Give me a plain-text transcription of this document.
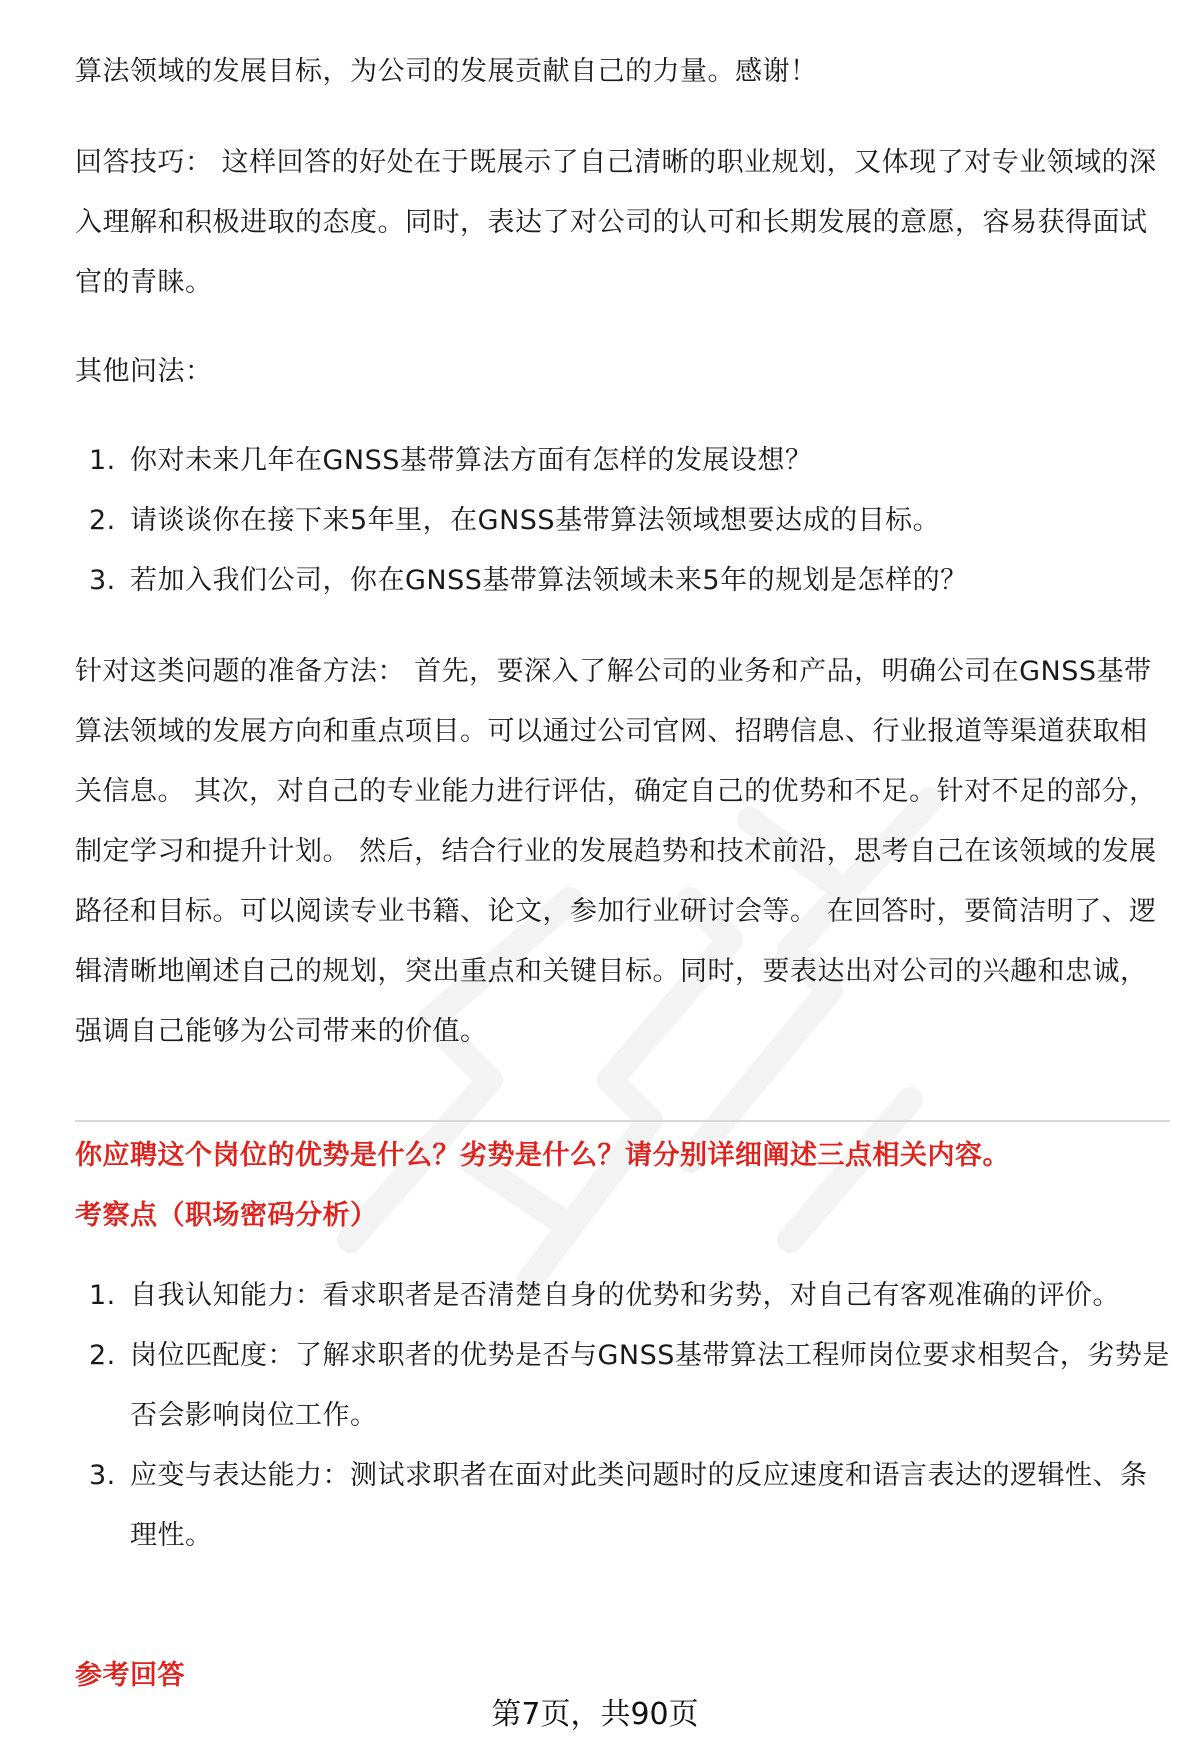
算法领域的发展目标，为公司的发展贡献自己的力量。感谢！

回答技巧： 这样回答的好处在于既展示了自己清晰的职业规划，又体现了对专业领域的深入理解和积极进取的态度。同时，表达了对公司的认可和长期发展的意愿，容易获得面试官的青睐。

其他问法：

1. 你对未来几年在GNSS基带算法方面有怎样的发展设想？
2. 请谈谈你在接下来5年里，在GNSS基带算法领域想要达成的目标。
3. 若加入我们公司，你在GNSS基带算法领域未来5年的规划是怎样的？

针对这类问题的准备方法： 首先，要深入了解公司的业务和产品，明确公司在GNSS基带算法领域的发展方向和重点项目。可以通过公司官网、招聘信息、行业报道等渠道获取相关信息。 其次，对自己的专业能力进行评估，确定自己的优势和不足。针对不足的部分，制定学习和提升计划。 然后，结合行业的发展趋势和技术前沿，思考自己在该领域的发展路径和目标。可以阅读专业书籍、论文，参加行业研讨会等。 在回答时，要简洁明了、逻辑清晰地阐述自己的规划，突出重点和关键目标。同时，要表达出对公司的兴趣和忠诚，强调自己能够为公司带来的价值。

你应聘这个岗位的优势是什么？劣势是什么？请分别详细阐述三点相关内容。

考察点（职场密码分析）

1. 自我认知能力：看求职者是否清楚自身的优势和劣势，对自己有客观准确的评价。
2. 岗位匹配度：了解求职者的优势是否与GNSS基带算法工程师岗位要求相契合，劣势是否会影响岗位工作。
3. 应变与表达能力：测试求职者在面对此类问题时的反应速度和语言表达的逻辑性、条理性。

参考回答

第7页，共90页
